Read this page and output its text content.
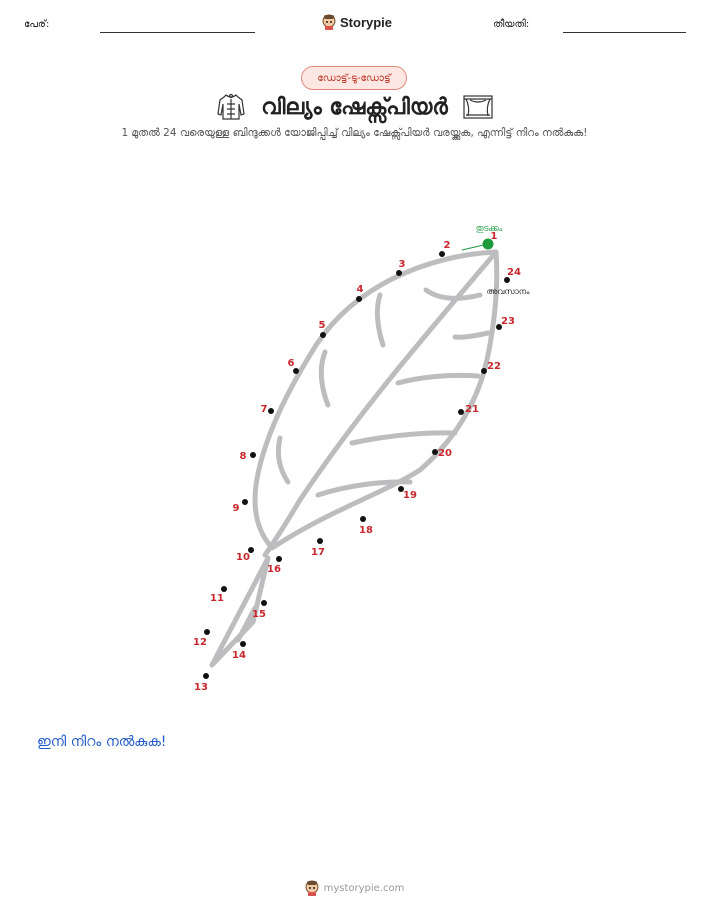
പേര്:	Storypie	തീയതി:
ഡോട്ട്-ടു-ഡോട്ട്
വില്യം ഷേക്സ്പിയർ
1 മുതൽ 24 വരെയുള്ള ബിന്ദുക്കൾ യോജിപ്പിച്ച് വില്യം ഷേക്സ്പിയർ വരയ്ക്കുക, എന്നിട്ട് നിറം നൽകുക!
തുടക്കം
അവസാനം
1
2
3
4
5
6
7
8
9
10
11
12
13
14
15
16
17
18
19
20
21
22
23
24
ഇനി നിറം നൽകുക!
mystorypie.com
